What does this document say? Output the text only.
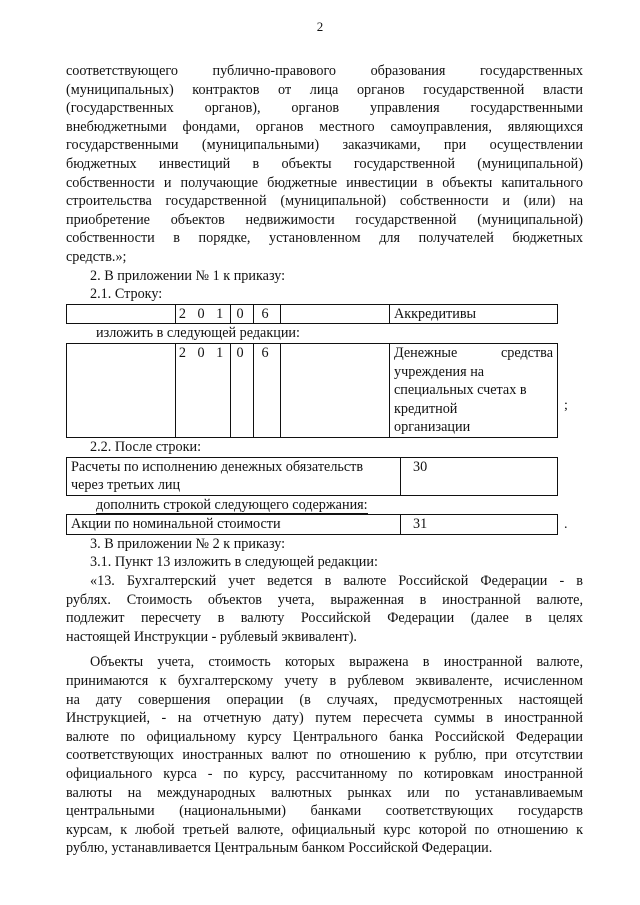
2

соответствующего публично-правового образования государственных

(муниципальных) контрактов от лица органов государственной власти

(государственных органов), органов управления государственными

внебюджетными фондами, органов местного самоуправления, являющихся

государственными (муниципальными) заказчиками, при осуществлении

бюджетных инвестиций в объекты государственной (муниципальной)

собственности и получающие бюджетные инвестиции в объекты капитального

строительства государственной (муниципальной) собственности и (или) на

приобретение объектов недвижимости государственной (муниципальной)

собственности в порядке, установленном для получателей бюджетных

средств.»;

2. В приложении № 1 к приказу:

2.1. Строку:

	2 0 1	0	6		Аккредитивы

изложить в следующей редакции:

	2 0 1	0	6		Денежные средства
учреждения на
специальных счетах в
кредитной
организации
;

2.2. После строки:

Расчеты по исполнению денежных обязательств
через третьих лиц
	30

дополнить строкой следующего содержания:

Акции по номинальной стоимости	31	.

3. В приложении № 2 к приказу:

3.1. Пункт 13 изложить в следующей редакции:

«13. Бухгалтерский учет ведется в валюте Российской Федерации - в

рублях. Стоимость объектов учета, выраженная в иностранной валюте,

подлежит пересчету в валюту Российской Федерации (далее в целях

настоящей Инструкции - рублевый эквивалент).

Объекты учета, стоимость которых выражена в иностранной валюте,

принимаются к бухгалтерскому учету в рублевом эквиваленте, исчисленном

на дату совершения операции (в случаях, предусмотренных настоящей

Инструкцией, - на отчетную дату) путем пересчета суммы в иностранной

валюте по официальному курсу Центрального банка Российской Федерации

соответствующих иностранных валют по отношению к рублю, при отсутствии

официального курса - по курсу, рассчитанному по котировкам иностранной

валюты на международных валютных рынках или по устанавливаемым

центральными (национальными) банками соответствующих государств

курсам, к любой третьей валюте, официальный курс которой по отношению к

рублю, устанавливается Центральным банком Российской Федерации.
